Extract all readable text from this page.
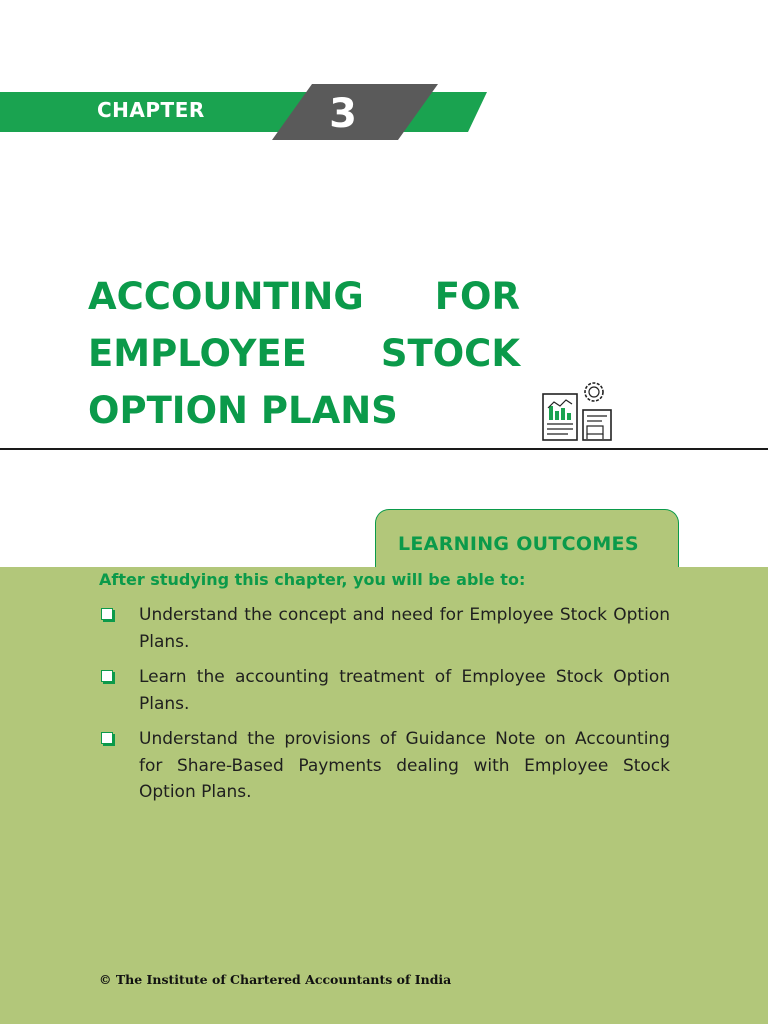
CHAPTER	3
ACCOUNTING FOR
EMPLOYEE STOCK
OPTION PLANS
LEARNING OUTCOMES
After studying this chapter, you will be able to:
Understand the concept and need for Employee Stock Option Plans.
Learn the accounting treatment of Employee Stock Option Plans.
Understand the provisions of Guidance Note on Accounting for Share-Based Payments dealing with Employee Stock Option Plans.
© The Institute of Chartered Accountants of India
